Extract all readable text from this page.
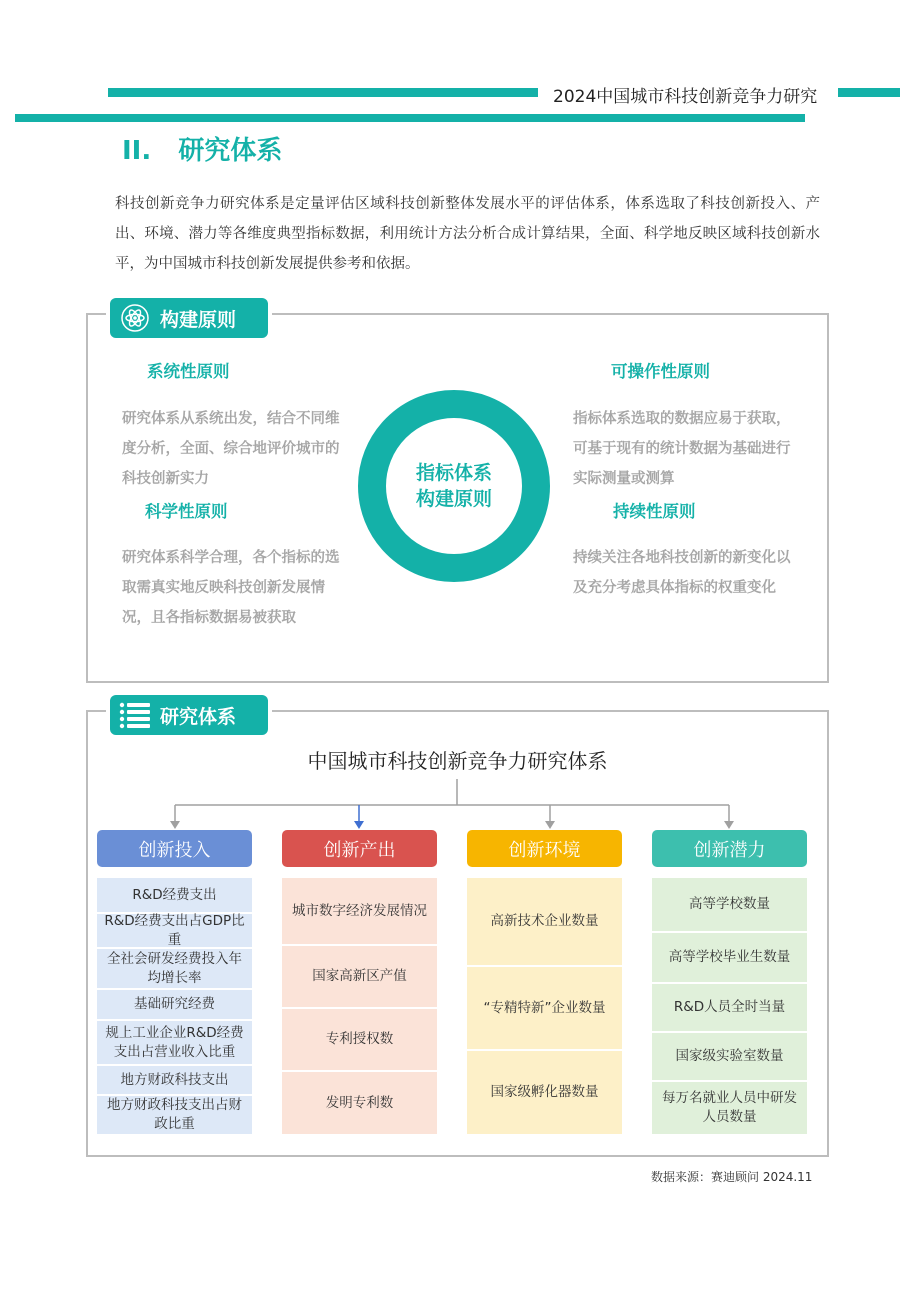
2024中国城市科技创新竞争力研究
II.   研究体系
科技创新竞争力研究体系是定量评估区域科技创新整体发展水平的评估体系，体系选取了科技创新投入、产出、环境、潜力等各维度典型指标数据，利用统计方法分析合成计算结果，全面、科学地反映区域科技创新水平，为中国城市科技创新发展提供参考和依据。
构建原则
系统性原则
研究体系从系统出发，结合不同维度分析，全面、综合地评价城市的科技创新实力
可操作性原则
指标体系选取的数据应易于获取，可基于现有的统计数据为基础进行实际测量或测算
科学性原则
研究体系科学合理，各个指标的选取需真实地反映科技创新发展情况，且各指标数据易被获取
持续性原则
持续关注各地科技创新的新变化以及充分考虑具体指标的权重变化
指标体系
构建原则
研究体系
中国城市科技创新竞争力研究体系
创新投入
R&D经费支出
R&D经费支出占GDP比重
全社会研发经费投入年均增长率
基础研究经费
规上工业企业R&D经费支出占营业收入比重
地方财政科技支出
地方财政科技支出占财政比重
创新产出
城市数字经济发展情况
国家高新区产值
专利授权数
发明专利数
创新环境
高新技术企业数量
“专精特新”企业数量
国家级孵化器数量
创新潜力
高等学校数量
高等学校毕业生数量
R&D人员全时当量
国家级实验室数量
每万名就业人员中研发人员数量
数据来源：赛迪顾问 2024.11
